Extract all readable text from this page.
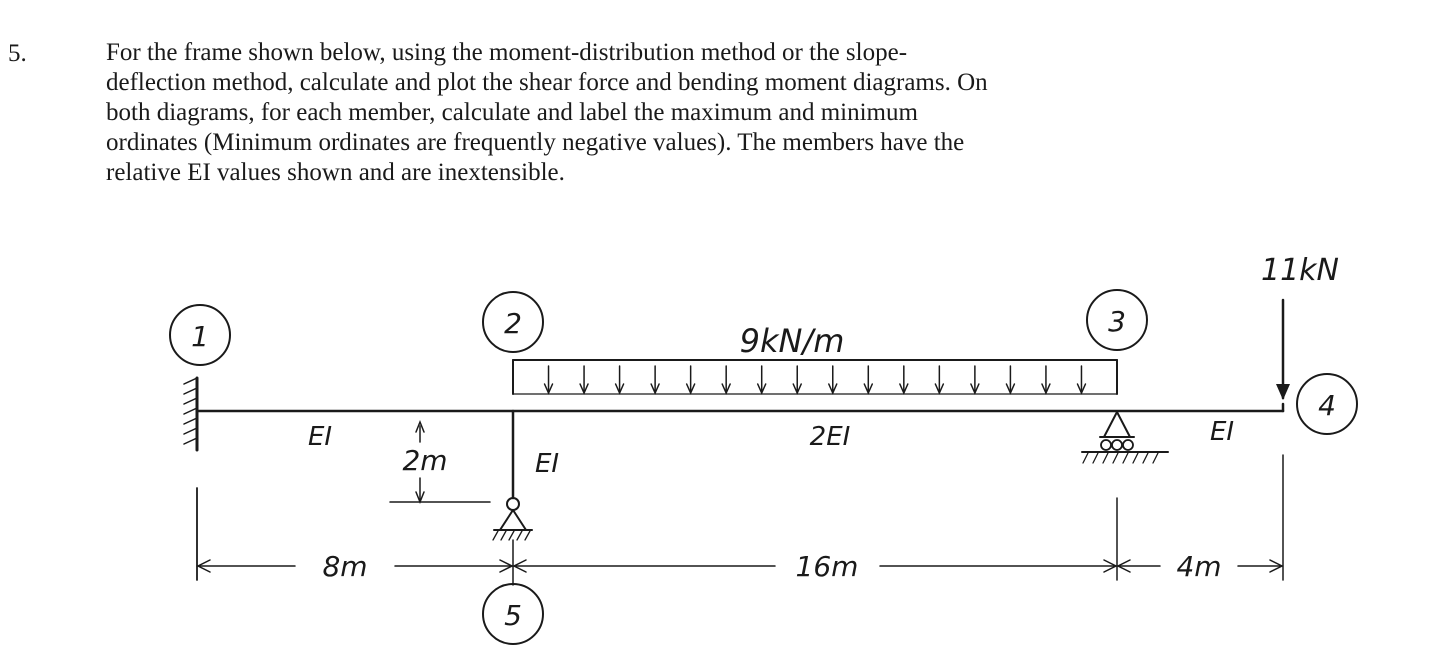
5.	For the frame shown below, using the moment-distribution method or the slope-
deflection method, calculate and plot the shear force and bending moment diagrams. On
both diagrams, for each member, calculate and label the maximum and minimum
ordinates (Minimum ordinates are frequently negative values). The members have the
relative EI values shown and are inextensible.
1	2	3
4
5
9kN/m
11kN
EI	2EI	EI
EI
2m
8m	16m	4m
